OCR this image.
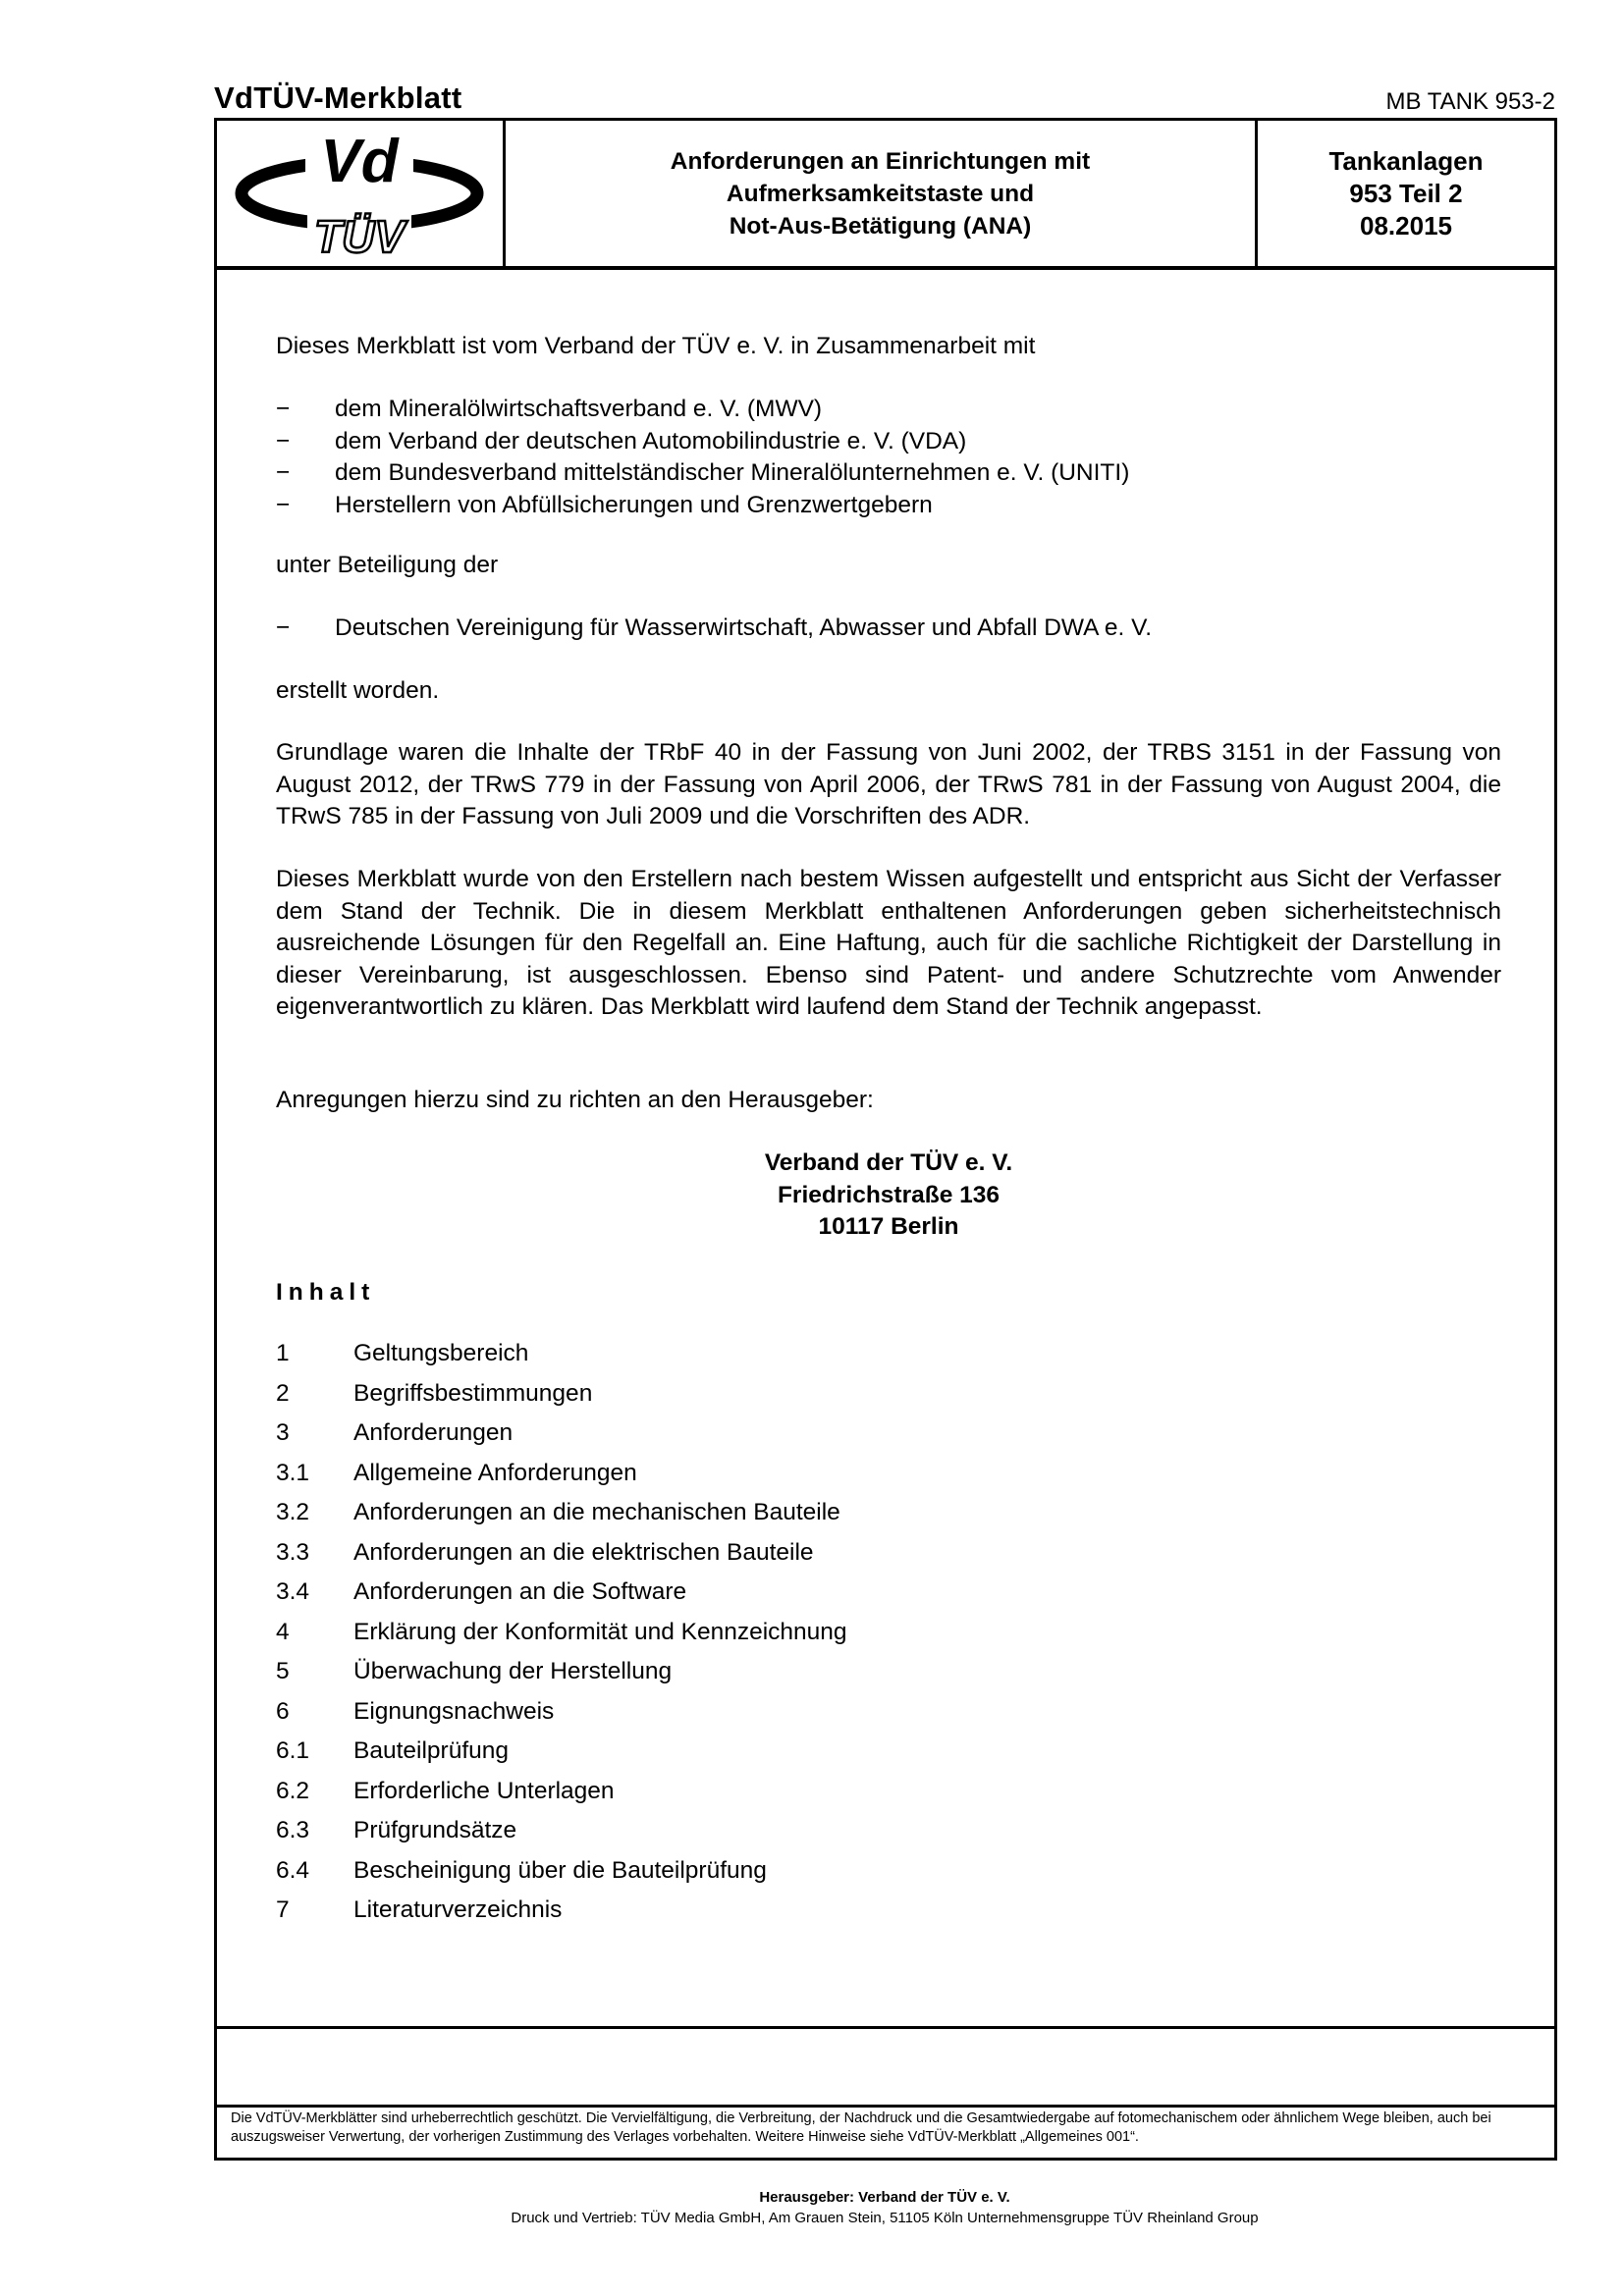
VdTÜV-Merkblatt	MB TANK 953-2
Vd
TÜV
Anforderungen an Einrichtungen mit
Aufmerksamkeitstaste und
Not-Aus-Betätigung (ANA)
Tankanlagen
953 Teil 2
08.2015

Dieses Merkblatt ist vom Verband der TÜV e. V. in Zusammenarbeit mit

− dem Mineralölwirtschaftsverband e. V. (MWV)
− dem Verband der deutschen Automobilindustrie e. V. (VDA)
− dem Bundesverband mittelständischer Mineralölunternehmen e. V. (UNITI)
− Herstellern von Abfüllsicherungen und Grenzwertgebern

unter Beteiligung der

− Deutschen Vereinigung für Wasserwirtschaft, Abwasser und Abfall DWA e. V.

erstellt worden.

Grundlage waren die Inhalte der TRbF 40 in der Fassung von Juni 2002, der TRBS 3151 in der Fassung von August 2012, der TRwS 779 in der Fassung von April 2006, der TRwS 781 in der Fassung von August 2004, die TRwS 785 in der Fassung von Juli 2009 und die Vorschriften des ADR.

Dieses Merkblatt wurde von den Erstellern nach bestem Wissen aufgestellt und entspricht aus Sicht der Verfasser dem Stand der Technik. Die in diesem Merkblatt enthaltenen Anforderungen geben sicherheitstechnisch ausreichende Lösungen für den Regelfall an. Eine Haftung, auch für die sachliche Richtigkeit der Darstellung in dieser Vereinbarung, ist ausgeschlossen. Ebenso sind Patent- und andere Schutzrechte vom Anwender eigenverantwortlich zu klären. Das Merkblatt wird laufend dem Stand der Technik angepasst.

Anregungen hierzu sind zu richten an den Herausgeber:

Verband der TÜV e. V.
Friedrichstraße 136
10117 Berlin
Inhalt
1	Geltungsbereich
2	Begriffsbestimmungen
3	Anforderungen
3.1 Allgemeine Anforderungen
3.2 Anforderungen an die mechanischen Bauteile
3.3 Anforderungen an die elektrischen Bauteile
3.4 Anforderungen an die Software
4	Erklärung der Konformität und Kennzeichnung
5	Überwachung der Herstellung
6	Eignungsnachweis
6.1 Bauteilprüfung
6.2 Erforderliche Unterlagen
6.3 Prüfgrundsätze
6.4 Bescheinigung über die Bauteilprüfung
7	Literaturverzeichnis
Die VdTÜV-Merkblätter sind urheberrechtlich geschützt. Die Vervielfältigung, die Verbreitung, der Nachdruck und die Gesamtwiedergabe auf fotomechanischem oder ähnlichem Wege bleiben, auch bei auszugsweiser Verwertung, der vorherigen Zustimmung des Verlages vorbehalten. Weitere Hinweise siehe VdTÜV-Merkblatt „Allgemeines 001“.
Herausgeber: Verband der TÜV e. V.
Druck und Vertrieb: TÜV Media GmbH, Am Grauen Stein, 51105 Köln Unternehmensgruppe TÜV Rheinland Group
